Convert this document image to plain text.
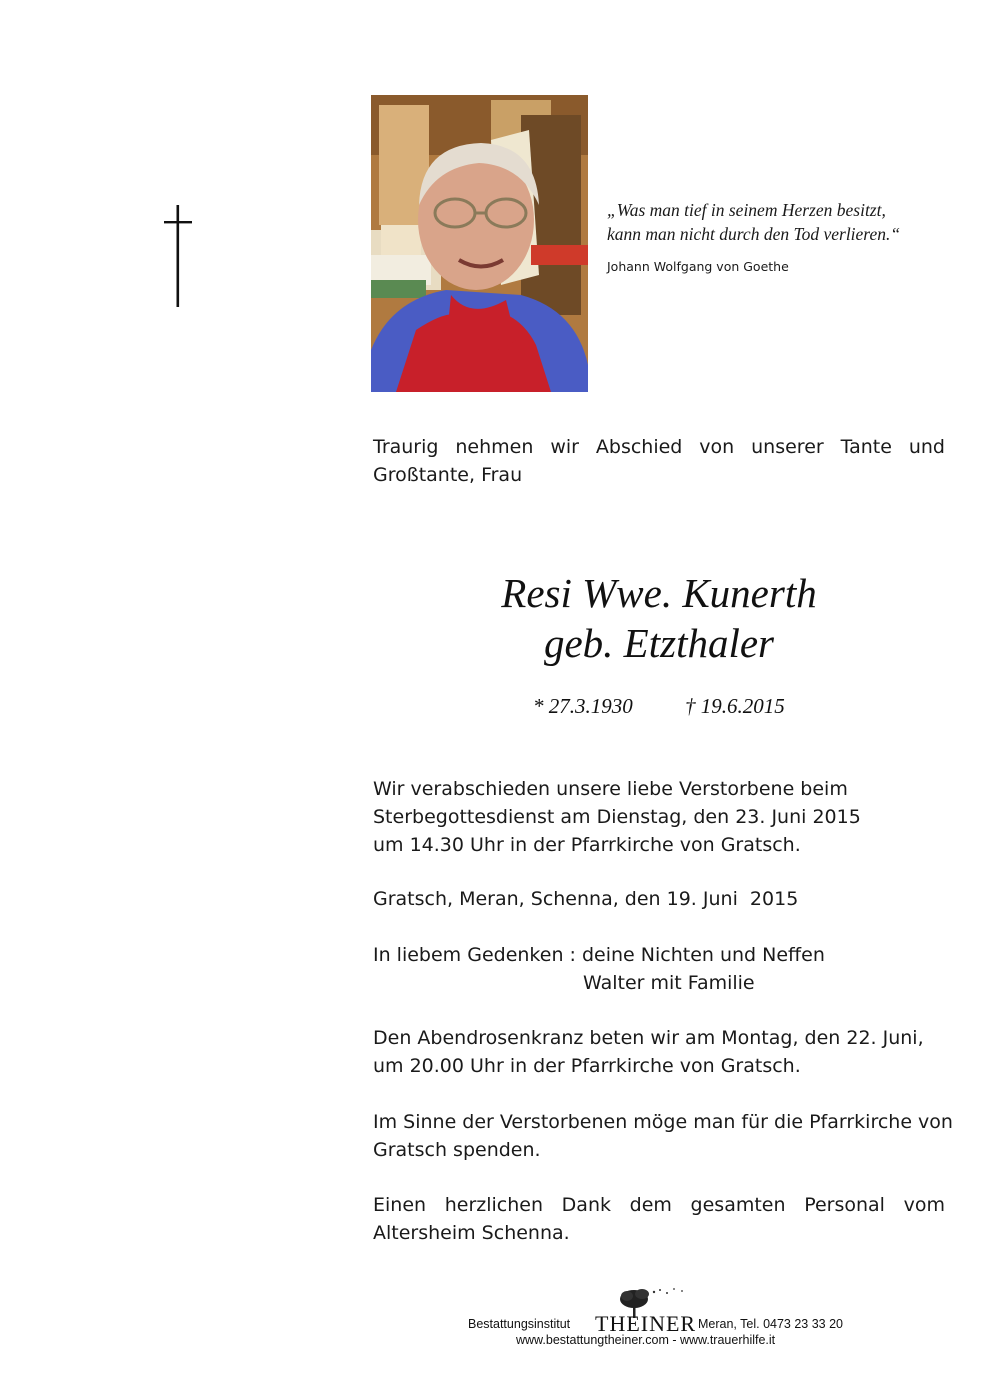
„Was man tief in seinem Herzen besitzt,
kann man nicht durch den Tod verlieren.“
Johann Wolfgang von Goethe
Traurig nehmen wir Abschied von unserer Tante und
Großtante, Frau
Resi Wwe. Kunerth
geb. Etzthaler
* 27.3.1930 † 19.6.2015
Wir verabschieden unsere liebe Verstorbene beim
Sterbegottesdienst am Dienstag, den 23. Juni 2015
um 14.30 Uhr in der Pfarrkirche von Gratsch.
Gratsch, Meran, Schenna, den 19. Juni  2015
In liebem Gedenken : deine Nichten und Neffen
Walter mit Familie
Den Abendrosenkranz beten wir am Montag, den 22. Juni,
um 20.00 Uhr in der Pfarrkirche von Gratsch.
Im Sinne der Verstorbenen möge man für die Pfarrkirche von
Gratsch spenden.
Einen herzlichen Dank dem gesamten Personal vom
Altersheim Schenna.
Bestattungsinstitut	Meran, Tel. 0473 23 33 20
www.bestattungtheiner.com - www.trauerhilfe.it
THEINER
